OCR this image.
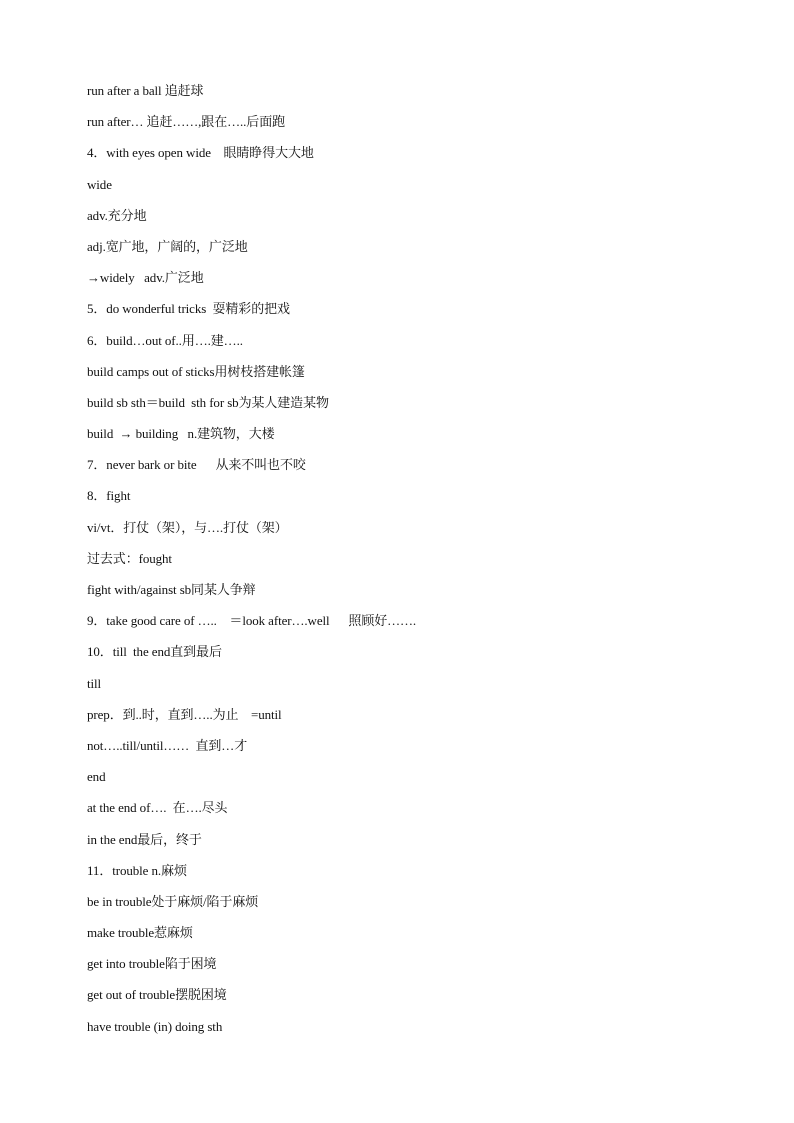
run after a ball 追赶球
run after… 追赶……,跟在…..后面跑
4．with eyes open wide    眼睛睁得大大地
wide
adv.充分地
adj.宽广地，广阔的，广泛地
→widely   adv.广泛地
5．do wonderful tricks  耍精彩的把戏
6．build…out of..用….建…..
build camps out of sticks用树枝搭建帐篷
build sb sth＝build  sth for sb为某人建造某物
build  → building   n.建筑物，大楼
7．never bark or bite      从来不叫也不咬
8．fight
vi/vt．打仗（架），与….打仗（架）
过去式：fought
fight with/against sb同某人争辩
9．take good care of …..    ＝look after….well      照顾好…….
10．till  the end直到最后
till
prep．到..时，直到…..为止    =until
not…..till/until……  直到…才
end
at the end of….  在….尽头
in the end最后，终于
11．trouble n.麻烦
be in trouble处于麻烦/陷于麻烦
make trouble惹麻烦
get into trouble陷于困境
get out of trouble摆脱困境
have trouble (in) doing sth
